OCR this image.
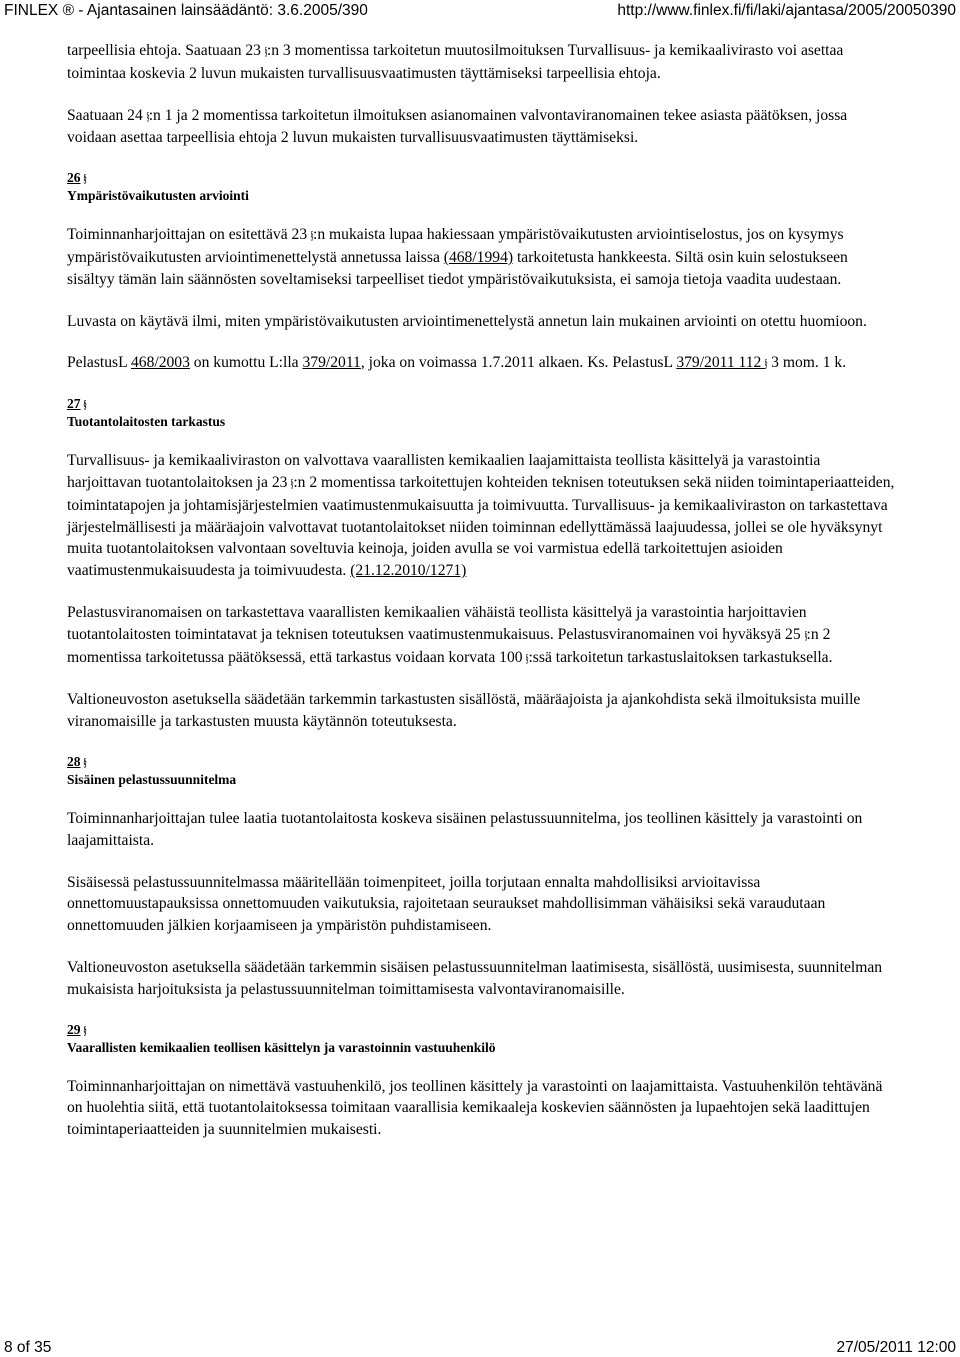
FINLEX ® - Ajantasainen lainsäädäntö: 3.6.2005/390	http://www.finlex.fi/fi/laki/ajantasa/2005/20050390

tarpeellisia ehtoja. Saatuaan 23 §:n 3 momentissa tarkoitetun muutosilmoituksen Turvallisuus- ja kemikaalivirasto voi asettaa toimintaa koskevia 2 luvun mukaisten turvallisuusvaatimusten täyttämiseksi tarpeellisia ehtoja.

Saatuaan 24 §:n 1 ja 2 momentissa tarkoitetun ilmoituksen asianomainen valvontaviranomainen tekee asiasta päätöksen, jossa voidaan asettaa tarpeellisia ehtoja 2 luvun mukaisten turvallisuusvaatimusten täyttämiseksi.

26 §

Ympäristövaikutusten arviointi

Toiminnanharjoittajan on esitettävä 23 §:n mukaista lupaa hakiessaan ympäristövaikutusten arviointiselostus, jos on kysymys ympäristövaikutusten arviointimenettelystä annetussa laissa (468/1994) tarkoitetusta hankkeesta. Siltä osin kuin selostukseen sisältyy tämän lain säännösten soveltamiseksi tarpeelliset tiedot ympäristövaikutuksista, ei samoja tietoja vaadita uudestaan.

Luvasta on käytävä ilmi, miten ympäristövaikutusten arviointimenettelystä annetun lain mukainen arviointi on otettu huomioon.

PelastusL 468/2003 on kumottu L:lla 379/2011, joka on voimassa 1.7.2011 alkaen. Ks. PelastusL 379/2011 112 § 3 mom. 1 k.

27 §

Tuotantolaitosten tarkastus

Turvallisuus- ja kemikaaliviraston on valvottava vaarallisten kemikaalien laajamittaista teollista käsittelyä ja varastointia harjoittavan tuotantolaitoksen ja 23 §:n 2 momentissa tarkoitettujen kohteiden teknisen toteutuksen sekä niiden toimintaperiaatteiden, toimintatapojen ja johtamisjärjestelmien vaatimustenmukaisuutta ja toimivuutta. Turvallisuus- ja kemikaaliviraston on tarkastettava järjestelmällisesti ja määräajoin valvottavat tuotantolaitokset niiden toiminnan edellyttämässä laajuudessa, jollei se ole hyväksynyt muita tuotantolaitoksen valvontaan soveltuvia keinoja, joiden avulla se voi varmistua edellä tarkoitettujen asioiden vaatimustenmukaisuudesta ja toimivuudesta. (21.12.2010/1271)

Pelastusviranomaisen on tarkastettava vaarallisten kemikaalien vähäistä teollista käsittelyä ja varastointia harjoittavien tuotantolaitosten toimintatavat ja teknisen toteutuksen vaatimustenmukaisuus. Pelastusviranomainen voi hyväksyä 25 §:n 2 momentissa tarkoitetussa päätöksessä, että tarkastus voidaan korvata 100 §:ssä tarkoitetun tarkastuslaitoksen tarkastuksella.

Valtioneuvoston asetuksella säädetään tarkemmin tarkastusten sisällöstä, määräajoista ja ajankohdista sekä ilmoituksista muille viranomaisille ja tarkastusten muusta käytännön toteutuksesta.

28 §

Sisäinen pelastussuunnitelma

Toiminnanharjoittajan tulee laatia tuotantolaitosta koskeva sisäinen pelastussuunnitelma, jos teollinen käsittely ja varastointi on laajamittaista.

Sisäisessä pelastussuunnitelmassa määritellään toimenpiteet, joilla torjutaan ennalta mahdollisiksi arvioitavissa onnettomuustapauksissa onnettomuuden vaikutuksia, rajoitetaan seuraukset mahdollisimman vähäisiksi sekä varaudutaan onnettomuuden jälkien korjaamiseen ja ympäristön puhdistamiseen.

Valtioneuvoston asetuksella säädetään tarkemmin sisäisen pelastussuunnitelman laatimisesta, sisällöstä, uusimisesta, suunnitelman mukaisista harjoituksista ja pelastussuunnitelman toimittamisesta valvontaviranomaisille.

29 §

Vaarallisten kemikaalien teollisen käsittelyn ja varastoinnin vastuuhenkilö

Toiminnanharjoittajan on nimettävä vastuuhenkilö, jos teollinen käsittely ja varastointi on laajamittaista. Vastuuhenkilön tehtävänä on huolehtia siitä, että tuotantolaitoksessa toimitaan vaarallisia kemikaaleja koskevien säännösten ja lupaehtojen sekä laadittujen toimintaperiaatteiden ja suunnitelmien mukaisesti.

8 of 35	27/05/2011 12:00
